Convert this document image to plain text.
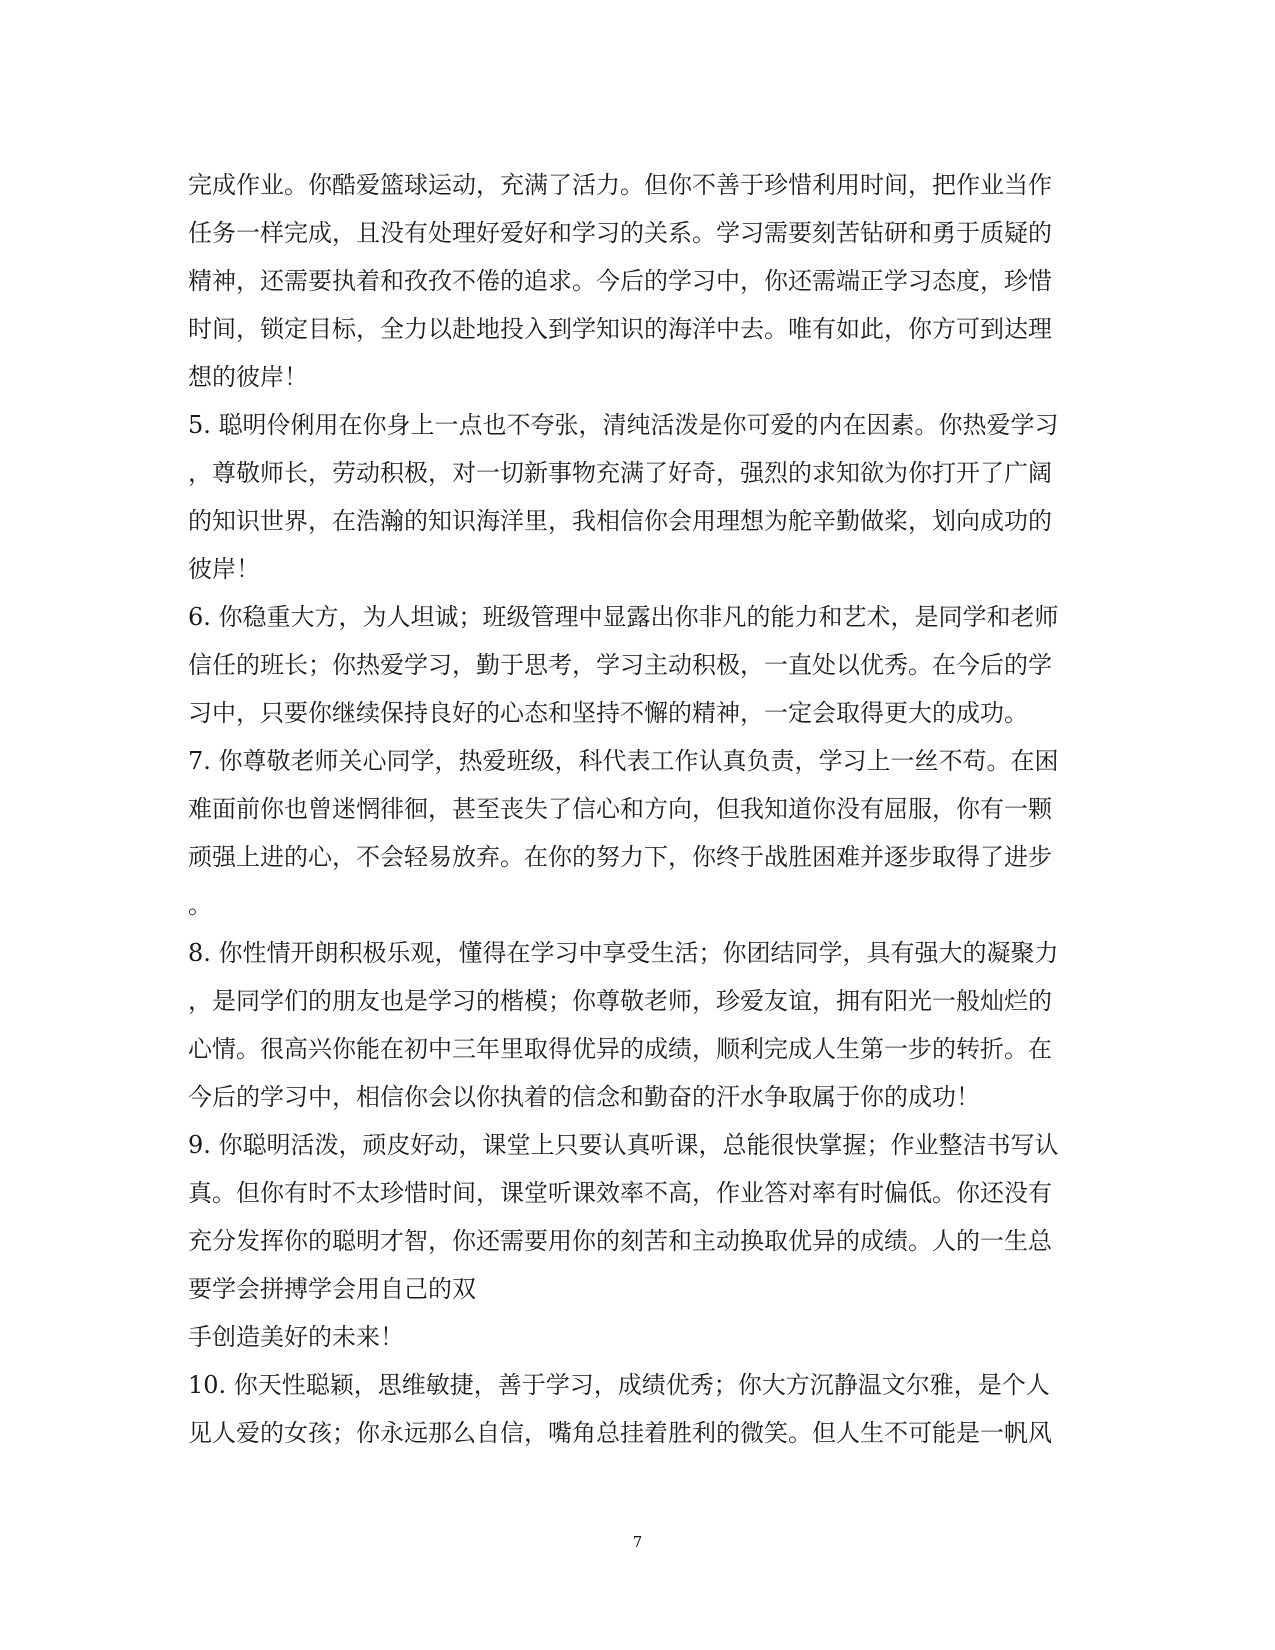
完成作业。你酷爱篮球运动，充满了活力。但你不善于珍惜利用时间，把作业当作
任务一样完成，且没有处理好爱好和学习的关系。学习需要刻苦钻研和勇于质疑的
精神，还需要执着和孜孜不倦的追求。今后的学习中，你还需端正学习态度，珍惜
时间，锁定目标，全力以赴地投入到学知识的海洋中去。唯有如此，你方可到达理
想的彼岸！
5. 聪明伶俐用在你身上一点也不夸张，清纯活泼是你可爱的内在因素。你热爱学习
，尊敬师长，劳动积极，对一切新事物充满了好奇，强烈的求知欲为你打开了广阔
的知识世界，在浩瀚的知识海洋里，我相信你会用理想为舵辛勤做桨，划向成功的
彼岸！
6. 你稳重大方，为人坦诚；班级管理中显露出你非凡的能力和艺术，是同学和老师
信任的班长；你热爱学习，勤于思考，学习主动积极，一直处以优秀。在今后的学
习中，只要你继续保持良好的心态和坚持不懈的精神，一定会取得更大的成功。
7. 你尊敬老师关心同学，热爱班级，科代表工作认真负责，学习上一丝不苟。在困
难面前你也曾迷惘徘徊，甚至丧失了信心和方向，但我知道你没有屈服，你有一颗
顽强上进的心，不会轻易放弃。在你的努力下，你终于战胜困难并逐步取得了进步
。
8. 你性情开朗积极乐观，懂得在学习中享受生活；你团结同学，具有强大的凝聚力
，是同学们的朋友也是学习的楷模；你尊敬老师，珍爱友谊，拥有阳光一般灿烂的
心情。很高兴你能在初中三年里取得优异的成绩，顺利完成人生第一步的转折。在
今后的学习中，相信你会以你执着的信念和勤奋的汗水争取属于你的成功！
9. 你聪明活泼，顽皮好动，课堂上只要认真听课，总能很快掌握；作业整洁书写认
真。但你有时不太珍惜时间，课堂听课效率不高，作业答对率有时偏低。你还没有
充分发挥你的聪明才智，你还需要用你的刻苦和主动换取优异的成绩。人的一生总
要学会拼搏学会用自己的双
手创造美好的未来！
10. 你天性聪颖，思维敏捷，善于学习，成绩优秀；你大方沉静温文尔雅，是个人
见人爱的女孩；你永远那么自信，嘴角总挂着胜利的微笑。但人生不可能是一帆风
7
